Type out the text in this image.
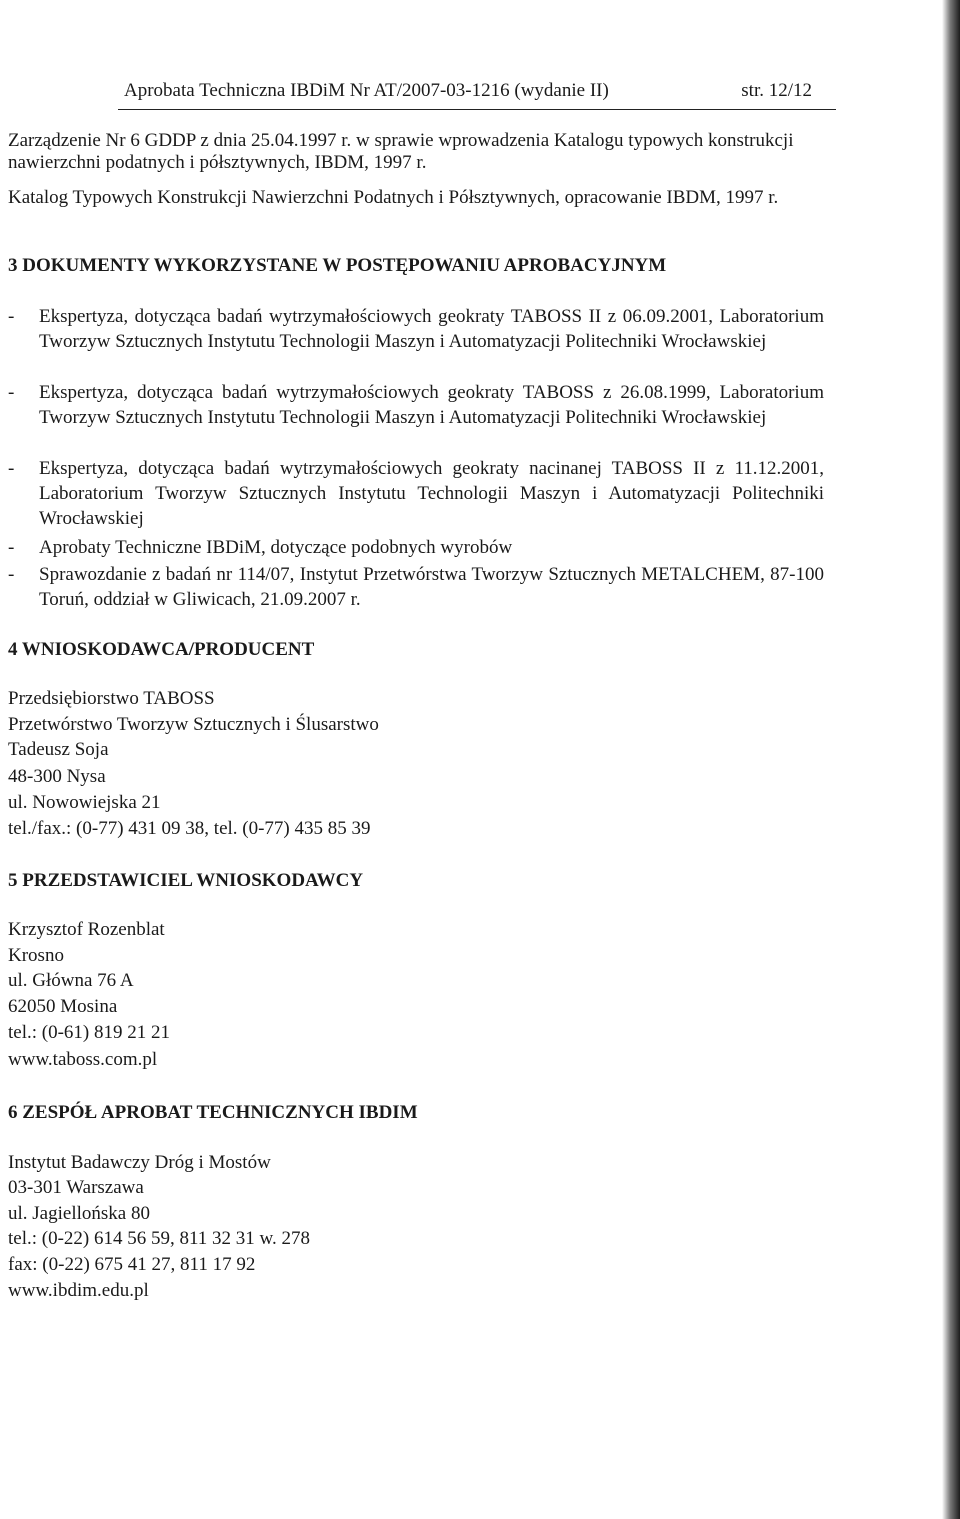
Aprobata Techniczna IBDiM Nr AT/2007-03-1216 (wydanie II)	str. 12/12
Zarządzenie Nr 6 GDDP z dnia 25.04.1997 r. w sprawie wprowadzenia Katalogu typowych konstrukcji nawierzchni podatnych i półsztywnych, IBDM, 1997 r.
Katalog Typowych Konstrukcji Nawierzchni Podatnych i Półsztywnych, opracowanie IBDM, 1997 r.
3 DOKUMENTY WYKORZYSTANE W POSTĘPOWANIU APROBACYJNYM
- Ekspertyza, dotycząca badań wytrzymałościowych geokraty TABOSS II z 06.09.2001, Laboratorium Tworzyw Sztucznych Instytutu Technologii Maszyn i Automatyzacji Politechniki Wrocławskiej
- Ekspertyza, dotycząca badań wytrzymałościowych geokraty TABOSS z 26.08.1999, Laboratorium Tworzyw Sztucznych Instytutu Technologii Maszyn i Automatyzacji Politechniki Wrocławskiej
- Ekspertyza, dotycząca badań wytrzymałościowych geokraty nacinanej TABOSS II z 11.12.2001, Laboratorium Tworzyw Sztucznych Instytutu Technologii Maszyn i Automatyzacji Politechniki Wrocławskiej
- Aprobaty Techniczne IBDiM, dotyczące podobnych wyrobów
- Sprawozdanie z badań nr 114/07, Instytut Przetwórstwa Tworzyw Sztucznych METALCHEM, 87-100 Toruń, oddział w Gliwicach, 21.09.2007 r.
4 WNIOSKODAWCA/PRODUCENT
Przedsiębiorstwo TABOSS
Przetwórstwo Tworzyw Sztucznych i Ślusarstwo
Tadeusz Soja
48-300 Nysa
ul. Nowowiejska 21
tel./fax.: (0-77) 431 09 38, tel. (0-77) 435 85 39
5 PRZEDSTAWICIEL WNIOSKODAWCY
Krzysztof Rozenblat
Krosno
ul. Główna 76 A
62050 Mosina
tel.: (0-61) 819 21 21
www.taboss.com.pl
6 ZESPÓŁ APROBAT TECHNICZNYCH IBDIM
Instytut Badawczy Dróg i Mostów
03-301 Warszawa
ul. Jagiellońska 80
tel.: (0-22) 614 56 59, 811 32 31 w. 278
fax: (0-22) 675 41 27, 811 17 92
www.ibdim.edu.pl
